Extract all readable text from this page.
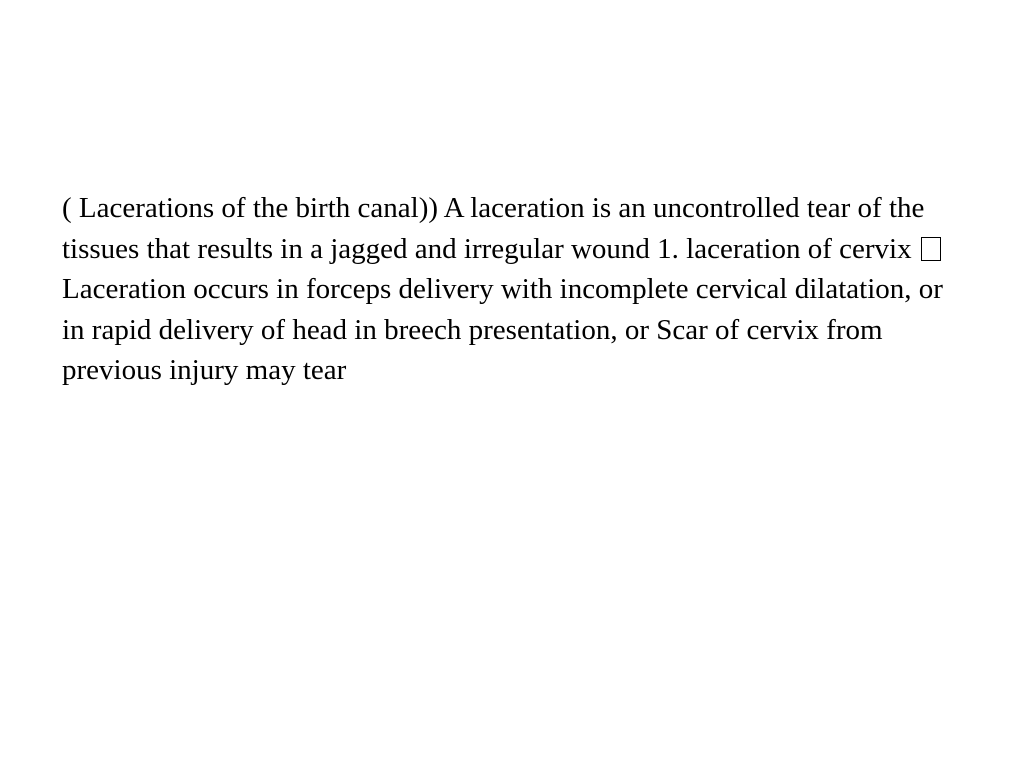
( Lacerations of the birth canal)) A laceration is an uncontrolled tear of the tissues that results in a jagged and irregular wound 1. laceration of cervix  Laceration occurs in forceps delivery with incomplete cervical dilatation, or in rapid delivery of head in breech presentation, or Scar of cervix from previous injury may tear
